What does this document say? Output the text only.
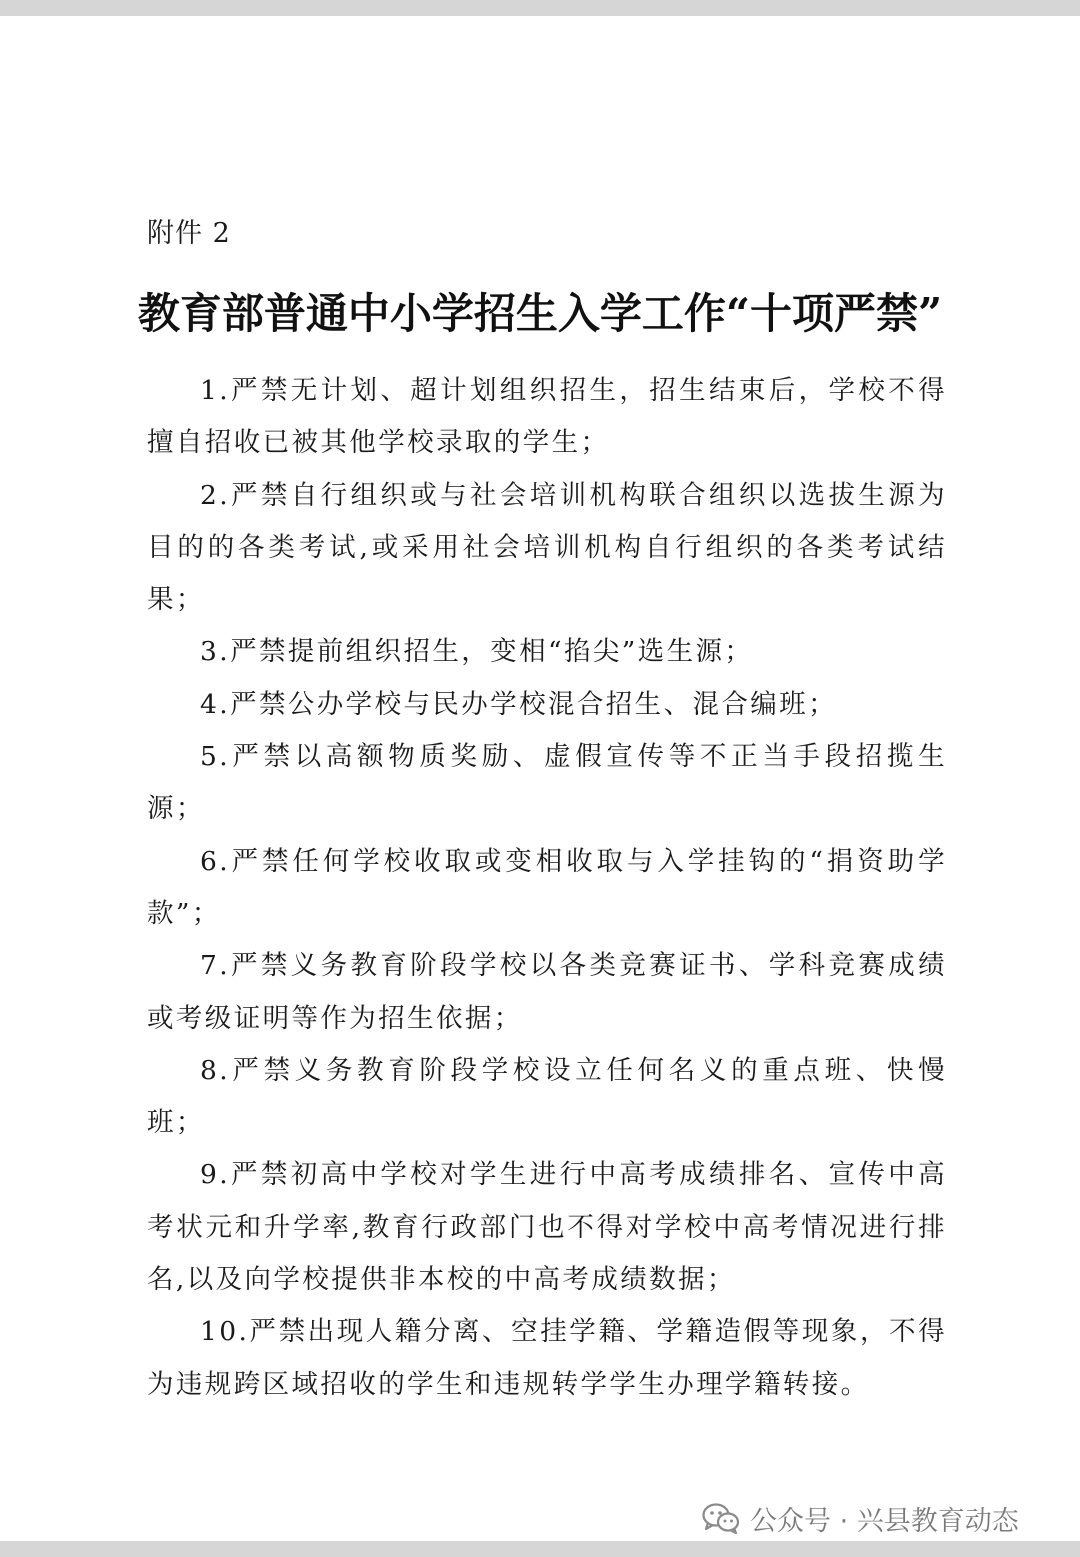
附件 2
教育部普通中小学招生入学工作“十项严禁”

1.严禁无计划、超计划组织招生，招生结束后，学校不得擅自招收已被其他学校录取的学生；

2.严禁自行组织或与社会培训机构联合组织以选拔生源为目的的各类考试,或采用社会培训机构自行组织的各类考试结果；

3.严禁提前组织招生，变相“掐尖”选生源；

4.严禁公办学校与民办学校混合招生、混合编班；

5.严禁以高额物质奖励、虚假宣传等不正当手段招揽生源；

6.严禁任何学校收取或变相收取与入学挂钩的“捐资助学款”；

7.严禁义务教育阶段学校以各类竞赛证书、学科竞赛成绩或考级证明等作为招生依据；

8.严禁义务教育阶段学校设立任何名义的重点班、快慢班；

9.严禁初高中学校对学生进行中高考成绩排名、宣传中高考状元和升学率,教育行政部门也不得对学校中高考情况进行排名,以及向学校提供非本校的中高考成绩数据；

10.严禁出现人籍分离、空挂学籍、学籍造假等现象，不得为违规跨区域招收的学生和违规转学学生办理学籍转接。

公众号 · 兴县教育动态
